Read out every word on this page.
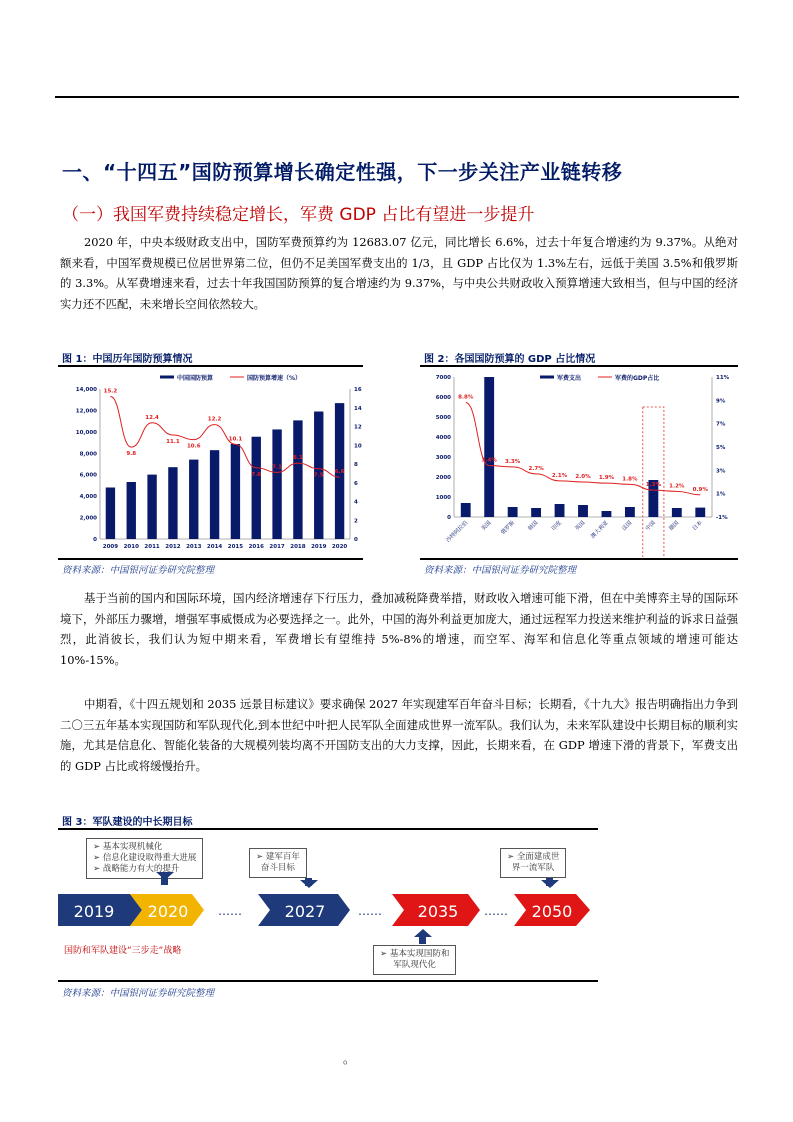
一、“十四五”国防预算增长确定性强，下一步关注产业链转移
（一）我国军费持续稳定增长，军费 GDP 占比有望进一步提升
2020 年，中央本级财政支出中，国防军费预算约为 12683.07 亿元，同比增长 6.6%，过去十年复合增速约为 9.37%。从绝对额来看，中国军费规模已位居世界第二位，但仍不足美国军费支出的 1/3，且 GDP 占比仅为 1.3%左右，远低于美国 3.5%和俄罗斯的 3.3%。从军费增速来看，过去十年我国国防预算的复合增速约为 9.37%，与中央公共财政收入预算增速大致相当，但与中国的经济实力还不匹配，未来增长空间依然较大。
图 1：中国历年国防预算情况
中国国防预算	国防预算增速（%）
0
2,000
4,000
6,000
8,000
10,000
12,000
14,000
0
2
4
6
8
10
12
14
16
15.2
9.8
12.4
11.1
10.6
12.2
10.1
7.6
7.1
8.1
7.5
6.6
2009 2010 2011 2012 2013 2014 2015 2016 2017 2018 2019 2020
资料来源：中国银河证券研究院整理
图 2：各国国防预算的 GDP 占比情况
军费支出	军费的GDP占比
0
1000
2000
3000
4000
5000
6000
7000
-1%
1%
3%
5%
7%
9%
11%
8.8%
3.4% 3.3%
2.7%
2.1% 2.0% 1.9% 1.8%
1.3% 1.2%
0.9%
沙特阿拉伯 美国 俄罗斯 韩国 印度 英国 澳大利亚 法国 中国 德国 日本
资料来源：中国银河证券研究院整理
基于当前的国内和国际环境，国内经济增速存下行压力，叠加减税降费举措，财政收入增速可能下滑，但在中美博弈主导的国际环境下，外部压力骤增，增强军事威慑成为必要选择之一。此外，中国的海外利益更加庞大，通过远程军力投送来维护利益的诉求日益强烈，此消彼长，我们认为短中期来看，军费增长有望维持 5%-8%的增速，而空军、海军和信息化等重点领域的增速可能达 10%-15%。
中期看，《十四五规划和 2035 远景目标建议》要求确保 2027 年实现建军百年奋斗目标；长期看，《十九大》报告明确指出力争到二〇三五年基本实现国防和军队现代化,到本世纪中叶把人民军队全面建成世界一流军队。我们认为，未来军队建设中长期目标的顺利实施，尤其是信息化、智能化装备的大规模列装均离不开国防支出的大力支撑，因此，长期来看，在 GDP 增速下滑的背景下，军费支出的 GDP 占比或将缓慢抬升。
图 3：军队建设的中长期目标
➢ 基本实现机械化
➢ 信息化建设取得重大进展
➢ 战略能力有大的提升
➢ 建军百年
奋斗目标
➢ 全面建成世
界一流军队
2019 2020	2027	2035	2050
……	……	……
➢ 基本实现国防和
军队现代化
国防和军队建设“三步走“战略
资料来源：中国银河证券研究院整理
。
